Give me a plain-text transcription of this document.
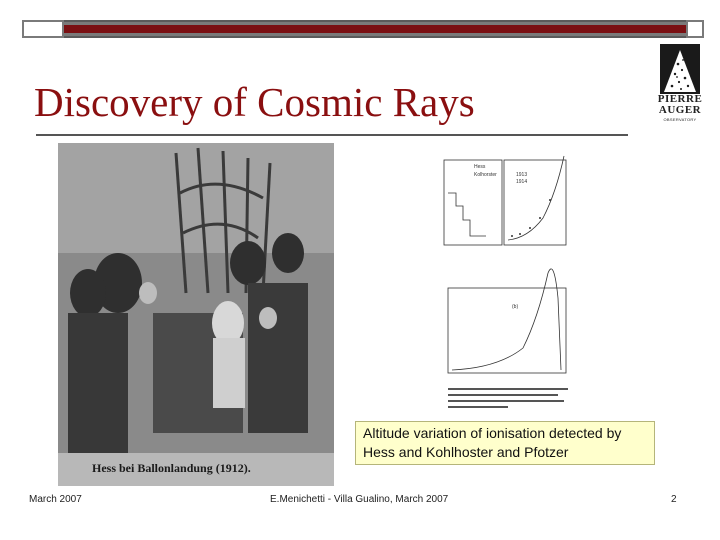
Discovery of Cosmic Rays	PIERRE
AUGER
OBSERVATORY
Hess bei Ballonlandung (1912).
Hess
Kolhorster	1913
1914
(b)
Altitude variation of ionisation detected by Hess and Kohlhoster and Pfotzer
March 2007	E.Menichetti - Villa Gualino, March 2007	2
